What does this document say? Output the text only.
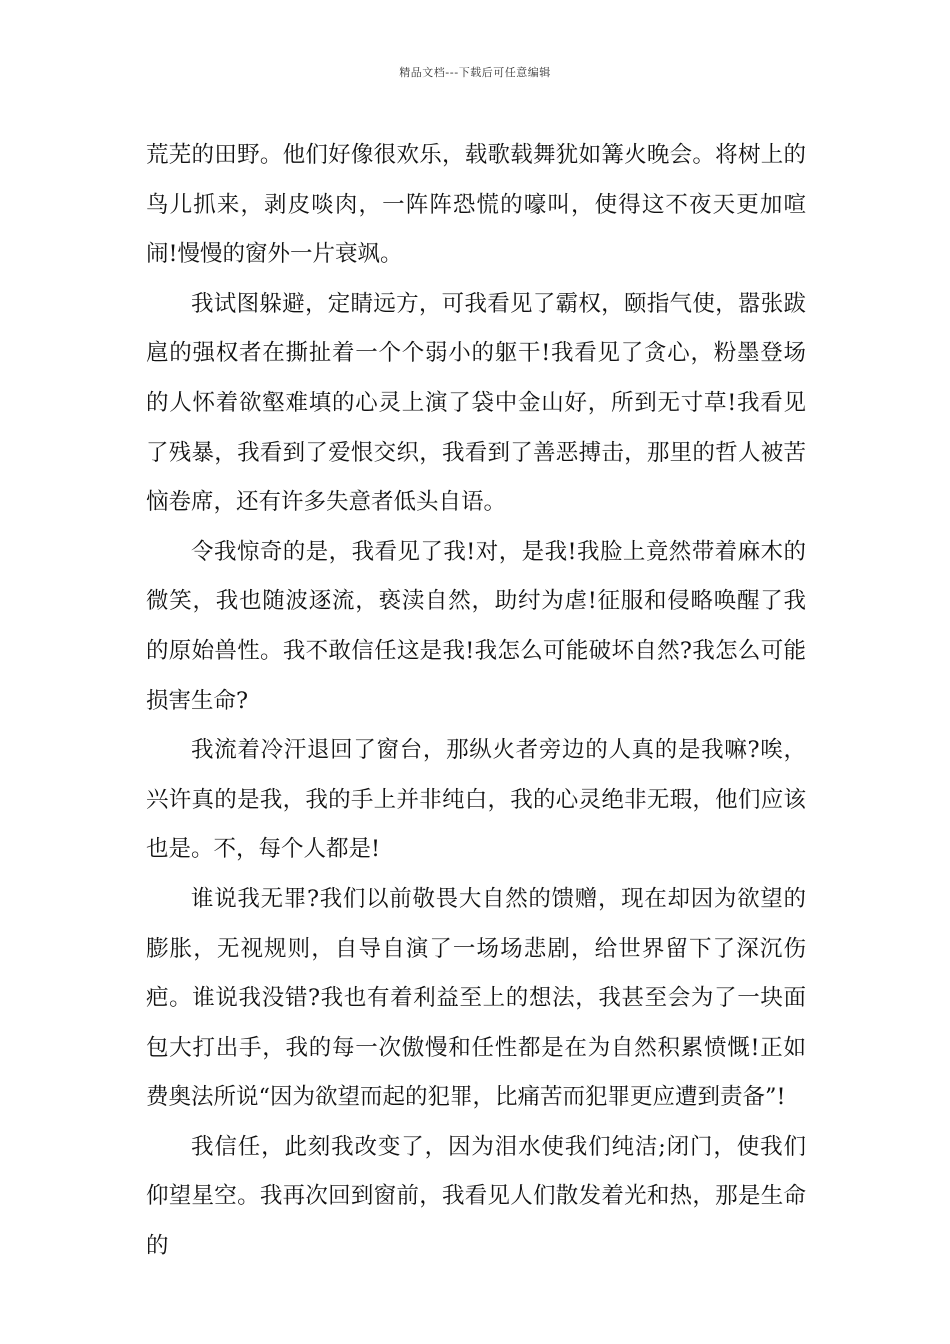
精品文档---下载后可任意编辑

荒芜的田野。他们好像很欢乐，载歌载舞犹如篝火晚会。将树上的鸟儿抓来，剥皮啖肉，一阵阵恐慌的嚎叫，使得这不夜天更加喧闹!慢慢的窗外一片衰飒。

我试图躲避，定睛远方，可我看见了霸权，颐指气使，嚣张跋扈的强权者在撕扯着一个个弱小的躯干!我看见了贪心，粉墨登场的人怀着欲壑难填的心灵上演了袋中金山好，所到无寸草!我看见了残暴，我看到了爱恨交织，我看到了善恶搏击，那里的哲人被苦恼卷席，还有许多失意者低头自语。

令我惊奇的是，我看见了我!对，是我!我脸上竟然带着麻木的微笑，我也随波逐流，亵渎自然，助纣为虐!征服和侵略唤醒了我的原始兽性。我不敢信任这是我!我怎么可能破坏自然?我怎么可能损害生命?

我流着冷汗退回了窗台，那纵火者旁边的人真的是我嘛?唉，兴许真的是我，我的手上并非纯白，我的心灵绝非无瑕，他们应该也是。不，每个人都是!

谁说我无罪?我们以前敬畏大自然的馈赠，现在却因为欲望的膨胀，无视规则，自导自演了一场场悲剧，给世界留下了深沉伤疤。谁说我没错?我也有着利益至上的想法，我甚至会为了一块面包大打出手，我的每一次傲慢和任性都是在为自然积累愤慨!正如费奥法所说“因为欲望而起的犯罪，比痛苦而犯罪更应遭到责备”!

我信任，此刻我改变了，因为泪水使我们纯洁;闭门，使我们仰望星空。我再次回到窗前，我看见人们散发着光和热，那是生命的
